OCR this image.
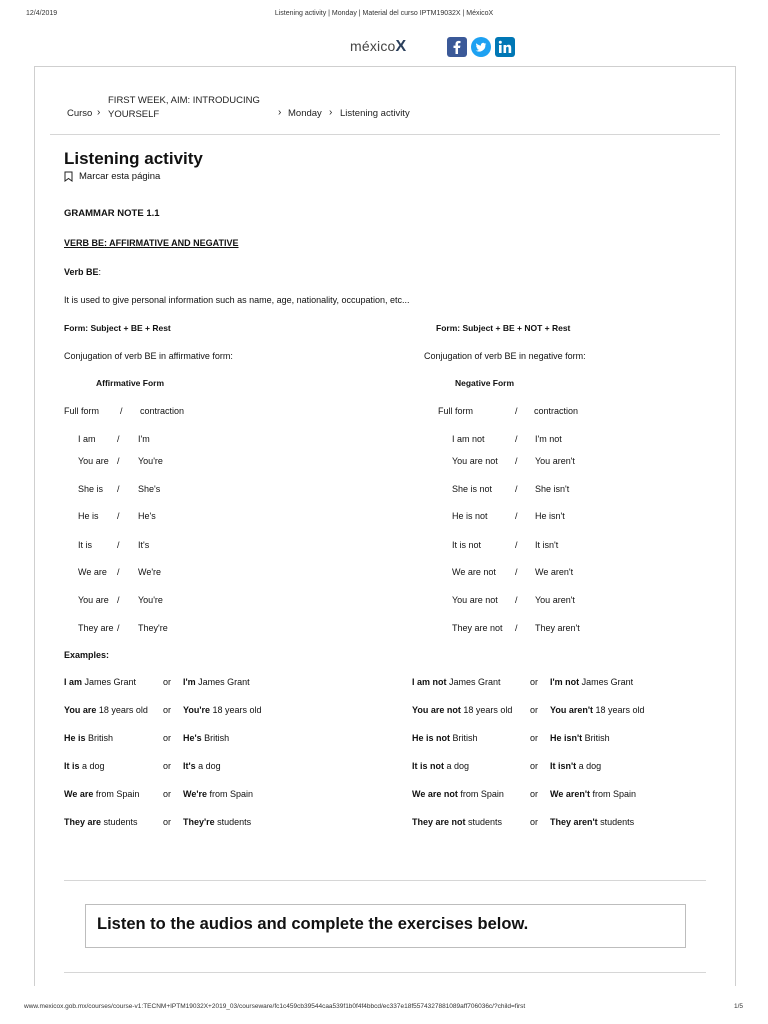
12/4/2019	Listening activity | Monday | Material del curso IPTM19032X | MéxicoX
méxicoX
Curso ›
FIRST WEEK, AIM: INTRODUCING YOURSELF	› Monday › Listening activity
Listening activity
Marcar esta página
GRAMMAR NOTE 1.1
VERB BE: AFFIRMATIVE AND NEGATIVE
Verb BE:
It is used to give personal information such as name, age, nationality, occupation, etc...
Form: Subject + BE + Rest	Form: Subject + BE + NOT + Rest
Conjugation of verb BE in affirmative form:	Conjugation of verb BE in negative form:
Affirmative Form	Negative Form
Full form / contraction	Full form	/ contraction
I am / I'm
You are / You're
She is / She's
He is / He's
It is	/ It's
We are / We're
You are / You're
They are / They're
I am not	/ I'm not
You are not / You aren't
She is not	/ She isn't
He is not	/ He isn't
It is not	/ It isn't
We are not / We aren't
You are not / You aren't
They are not / They aren't
Examples:
I am James Grant	or I'm James Grant	I am not James Grant	or I'm not James Grant
You are 18 years old or You're 18 years old	You are not 18 years old or You aren't 18 years old
He is British	or He's British	He is not British	or He isn't British
It is a dog	or It's a dog	It is not a dog	or It isn't a dog
We are from Spain	or We're from Spain	We are not from Spain	or We aren't from Spain
They are students	or They're students	They are not students	or They aren't students
Listen to the audios and complete the exercises below.
www.mexicox.gob.mx/courses/course-v1:TECNM+IPTM19032X+2019_03/courseware/fc1c459cb39544caa539f1b0f4f4bbcd/ec337e18f5574327881089aff706036c/?child=first	1/5
